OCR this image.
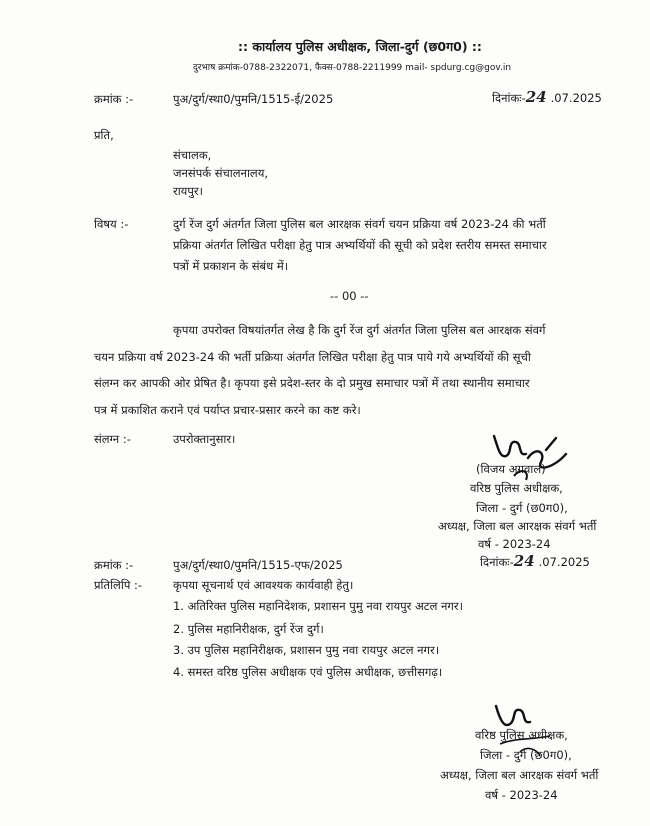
:: कार्यालय पुलिस अधीक्षक, जिला-दुर्ग (छ0ग0) ::
दुरभाष क्रमांक-0788-2322071, फैक्स-0788-2211999 mail- spdurg.cg@gov.in
क्रमांक :-	पुअ/दुर्ग/स्था0/पुमनि/1515-ई/2025	दिनांकः-24 .07.2025
प्रति,
संचालक,
जनसंपर्क संचालनालय,
रायपुर।
विषय :-	दुर्ग रेंज दुर्ग अंतर्गत जिला पुलिस बल आरक्षक संवर्ग चयन प्रक्रिया वर्ष 2023-24 की भर्ती
प्रक्रिया अंतर्गत लिखित परीक्षा हेतु पात्र अभ्यर्थियों की सूची को प्रदेश स्तरीय समस्त समाचार
पत्रों में प्रकाशन के संबंध में।
-- 00 --
कृपया उपरोक्त विषयांतर्गत लेख है कि दुर्ग रेंज दुर्ग अंतर्गत जिला पुलिस बल आरक्षक संवर्ग
चयन प्रक्रिया वर्ष 2023-24 की भर्ती प्रक्रिया अंतर्गत लिखित परीक्षा हेतु पात्र पाये गये अभ्यर्थियों की सूची
संलग्न कर आपकी ओर प्रेषित है। कृपया इसे प्रदेश-स्तर के दो प्रमुख समाचार पत्रों में तथा स्थानीय समाचार
पत्र में प्रकाशित कराने एवं पर्याप्त प्रचार-प्रसार करने का कष्ट करे।
संलग्न :-	उपरोक्तानुसार।
(विजय अग्रवाल)
वरिष्ठ पुलिस अधीक्षक,
जिला - दुर्ग (छ0ग0),
अध्यक्ष, जिला बल आरक्षक संवर्ग भर्ती
वर्ष - 2023-24
क्रमांक :-	पुअ/दुर्ग/स्था0/पुमनि/1515-एफ/2025	दिनांकः-24 .07.2025
प्रतिलिपि :-	कृपया सूचनार्थ एवं आवश्यक कार्यवाही हेतु।
1. अतिरिक्त पुलिस महानिदेशक, प्रशासन पुमु नवा रायपुर अटल नगर।
2. पुलिस महानिरीक्षक, दुर्ग रेंज दुर्ग।
3. उप पुलिस महानिरीक्षक, प्रशासन पुमु नवा रायपुर अटल नगर।
4. समस्त वरिष्ठ पुलिस अधीक्षक एवं पुलिस अधीक्षक, छत्तीसगढ़।
वरिष्ठ पुलिस अधीक्षक,
जिला - दुर्ग (छ0ग0),
अध्यक्ष, जिला बल आरक्षक संवर्ग भर्ती
वर्ष - 2023-24
